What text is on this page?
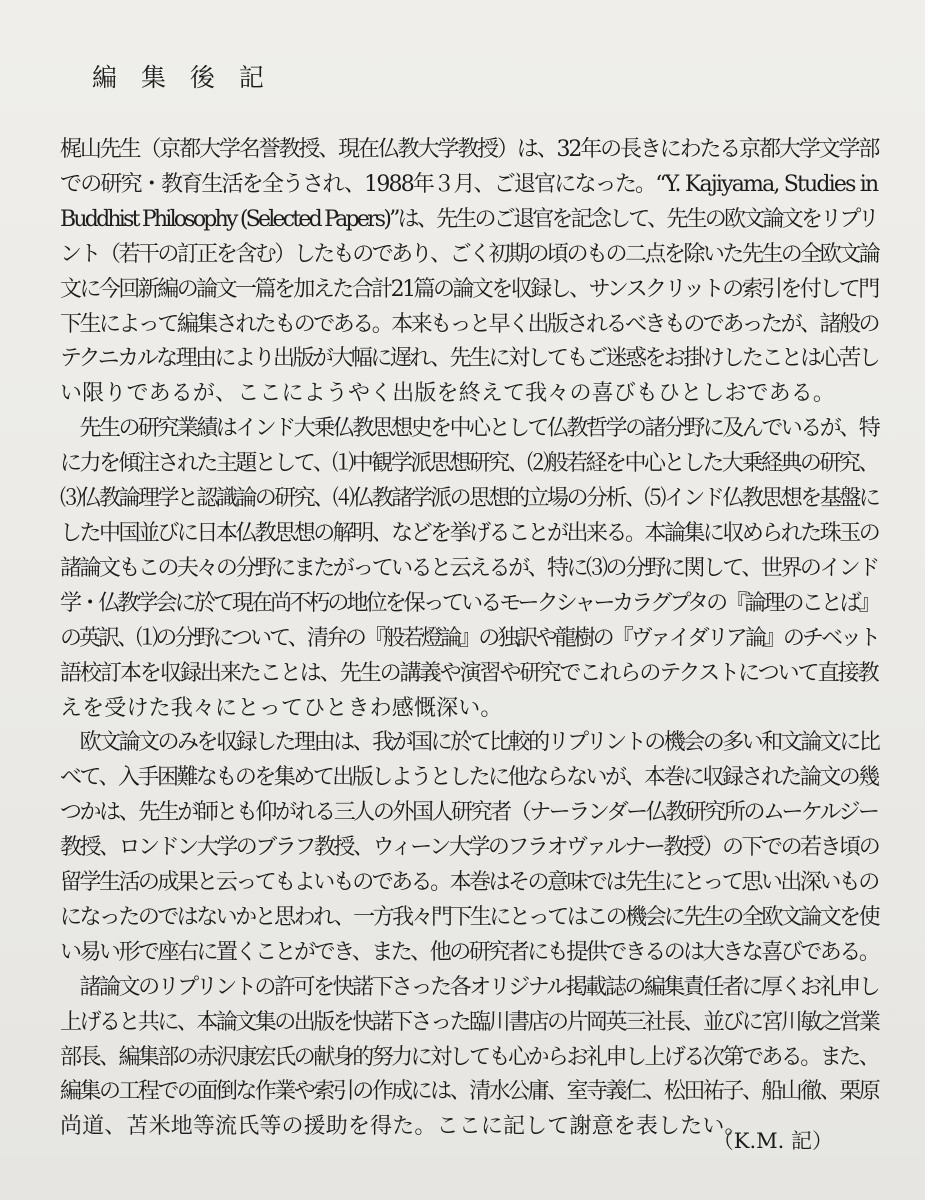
編 集 後 記
梶山先生（京都大学名誉教授、現在仏教大学教授）は、32年の長きにわたる京都大学文学部
での研究・教育生活を全うされ、1988年３月、ご退官になった。“Y. Kajiyama, Studies in
Buddhist Philosophy (Selected Papers)”は、先生のご退官を記念して、先生の欧文論文をリプリ
ント（若干の訂正を含む）したものであり、ごく初期の頃のもの二点を除いた先生の全欧文論
文に今回新編の論文一篇を加えた合計21篇の論文を収録し、サンスクリットの索引を付して門
下生によって編集されたものである。本来もっと早く出版されるべきものであったが、諸般の
テクニカルな理由により出版が大幅に遅れ、先生に対してもご迷惑をお掛けしたことは心苦し
い限りであるが、ここにようやく出版を終えて我々の喜びもひとしおである。
　先生の研究業績はインド大乗仏教思想史を中心として仏教哲学の諸分野に及んでいるが、特
に力を傾注された主題として、⑴中観学派思想研究、⑵般若経を中心とした大乗経典の研究、
⑶仏教論理学と認識論の研究、⑷仏教諸学派の思想的立場の分析、⑸インド仏教思想を基盤に
した中国並びに日本仏教思想の解明、などを挙げることが出来る。本論集に収められた珠玉の
諸論文もこの夫々の分野にまたがっていると云えるが、特に⑶の分野に関して、世界のインド
学・仏教学会に於て現在尚不朽の地位を保っているモークシャーカラグプタの『論理のことば』
の英訳、⑴の分野について、清弁の『般若燈論』の独訳や龍樹の『ヴァイダリア論』のチベット
語校訂本を収録出来たことは、先生の講義や演習や研究でこれらのテクストについて直接教
えを受けた我々にとってひときわ感慨深い。
　欧文論文のみを収録した理由は、我が国に於て比較的リプリントの機会の多い和文論文に比
べて、入手困難なものを集めて出版しようとしたに他ならないが、本巻に収録された論文の幾
つかは、先生が師とも仰がれる三人の外国人研究者（ナーランダー仏教研究所のムーケルジー
教授、ロンドン大学のブラフ教授、ウィーン大学のフラオヴァルナー教授）の下での若き頃の
留学生活の成果と云ってもよいものである。本巻はその意味では先生にとって思い出深いもの
になったのではないかと思われ、一方我々門下生にとってはこの機会に先生の全欧文論文を使
い易い形で座右に置くことができ、また、他の研究者にも提供できるのは大きな喜びである。
　諸論文のリプリントの許可を快諾下さった各オリジナル掲載誌の編集責任者に厚くお礼申し
上げると共に、本論文集の出版を快諾下さった臨川書店の片岡英三社長、並びに宮川敏之営業
部長、編集部の赤沢康宏氏の献身的努力に対しても心からお礼申し上げる次第である。また、
編集の工程での面倒な作業や索引の作成には、清水公庸、室寺義仁、松田祐子、船山徹、栗原
尚道、苫米地等流氏等の援助を得た。ここに記して謝意を表したい。
（K.M. 記）
